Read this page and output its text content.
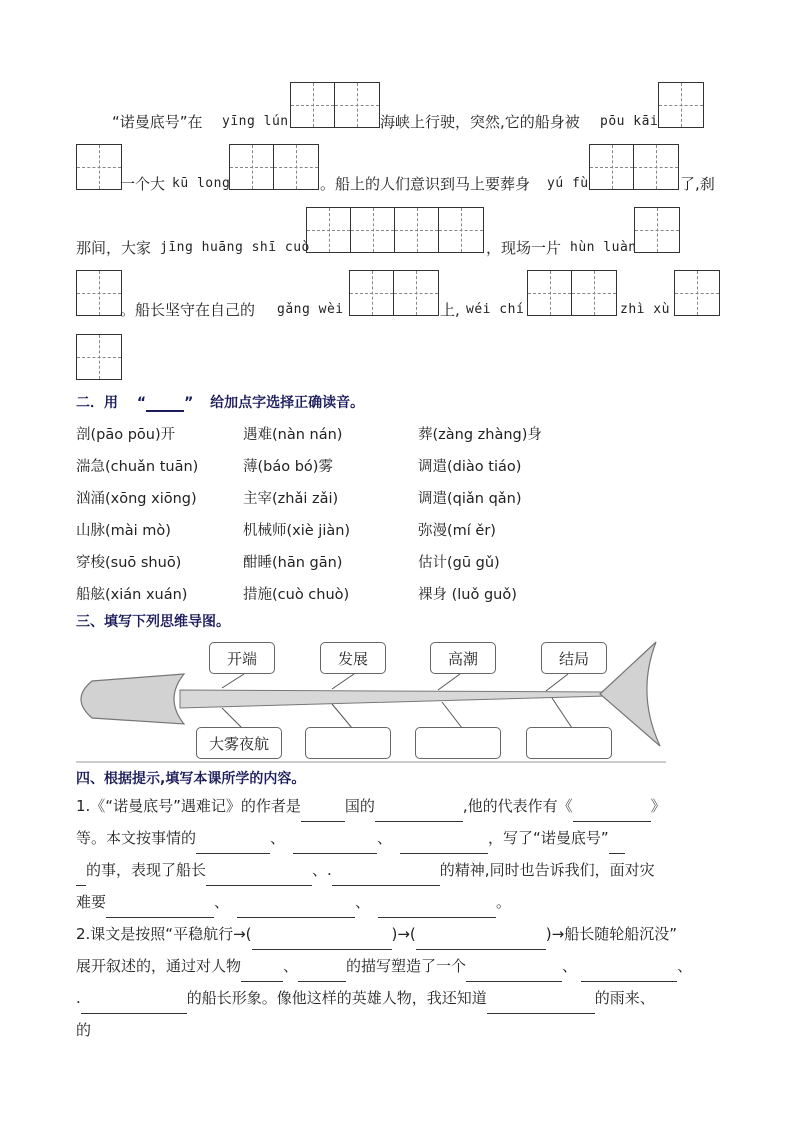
“诺曼底号”在 yīng lún	海峡上行驶，突然,它的船身被 pōu kāi
一个大 kū long	。船上的人们意识到马上要葬身 yú fù	了,刹
那间，大家 jīng huāng shī cuò	，现场一片 hùn luàn
。船长坚守在自己的 gǎng wèi	上, wéi chí	zhì xù
二．用 “	” 给加点字选择正确读音。
剖(pāo pōu)开	遇难(nàn nán)	葬(zàng zhàng)身
湍急(chuǎn tuān)	薄(báo bó)雾	调遣(diào tiáo)
汹涌(xōng xiōng)	主宰(zhǎi zǎi)	调遣(qiǎn qǎn)
山脉(mài mò)	机械师(xiè jiàn)	弥漫(mí ěr)
穿梭(suō shuō)	酣睡(hān gān)	估计(gū gǔ)
船舷(xián xuán)	措施(cuò chuò)	裸身 (luǒ guǒ)
三、填写下列思维导图。
开端	发展	高潮	结局
大雾夜航
四、根据提示,填写本课所学的内容。
1.《“诺曼底号”遇难记》的作者是	国的	,他的代表作有《	》
等。本文按事情的	、	、	，写了“诺曼底号”
的事，表现了船长	、.	的精神,同时也告诉我们，面对灾
难要	、	、	。
2.课文是按照“平稳航行→(	)→(	)→船长随轮船沉没”
展开叙述的，通过对人物	、	的描写塑造了一个	、	、
.	的船长形象。像他这样的英雄人物，我还知道	的雨来、
的
